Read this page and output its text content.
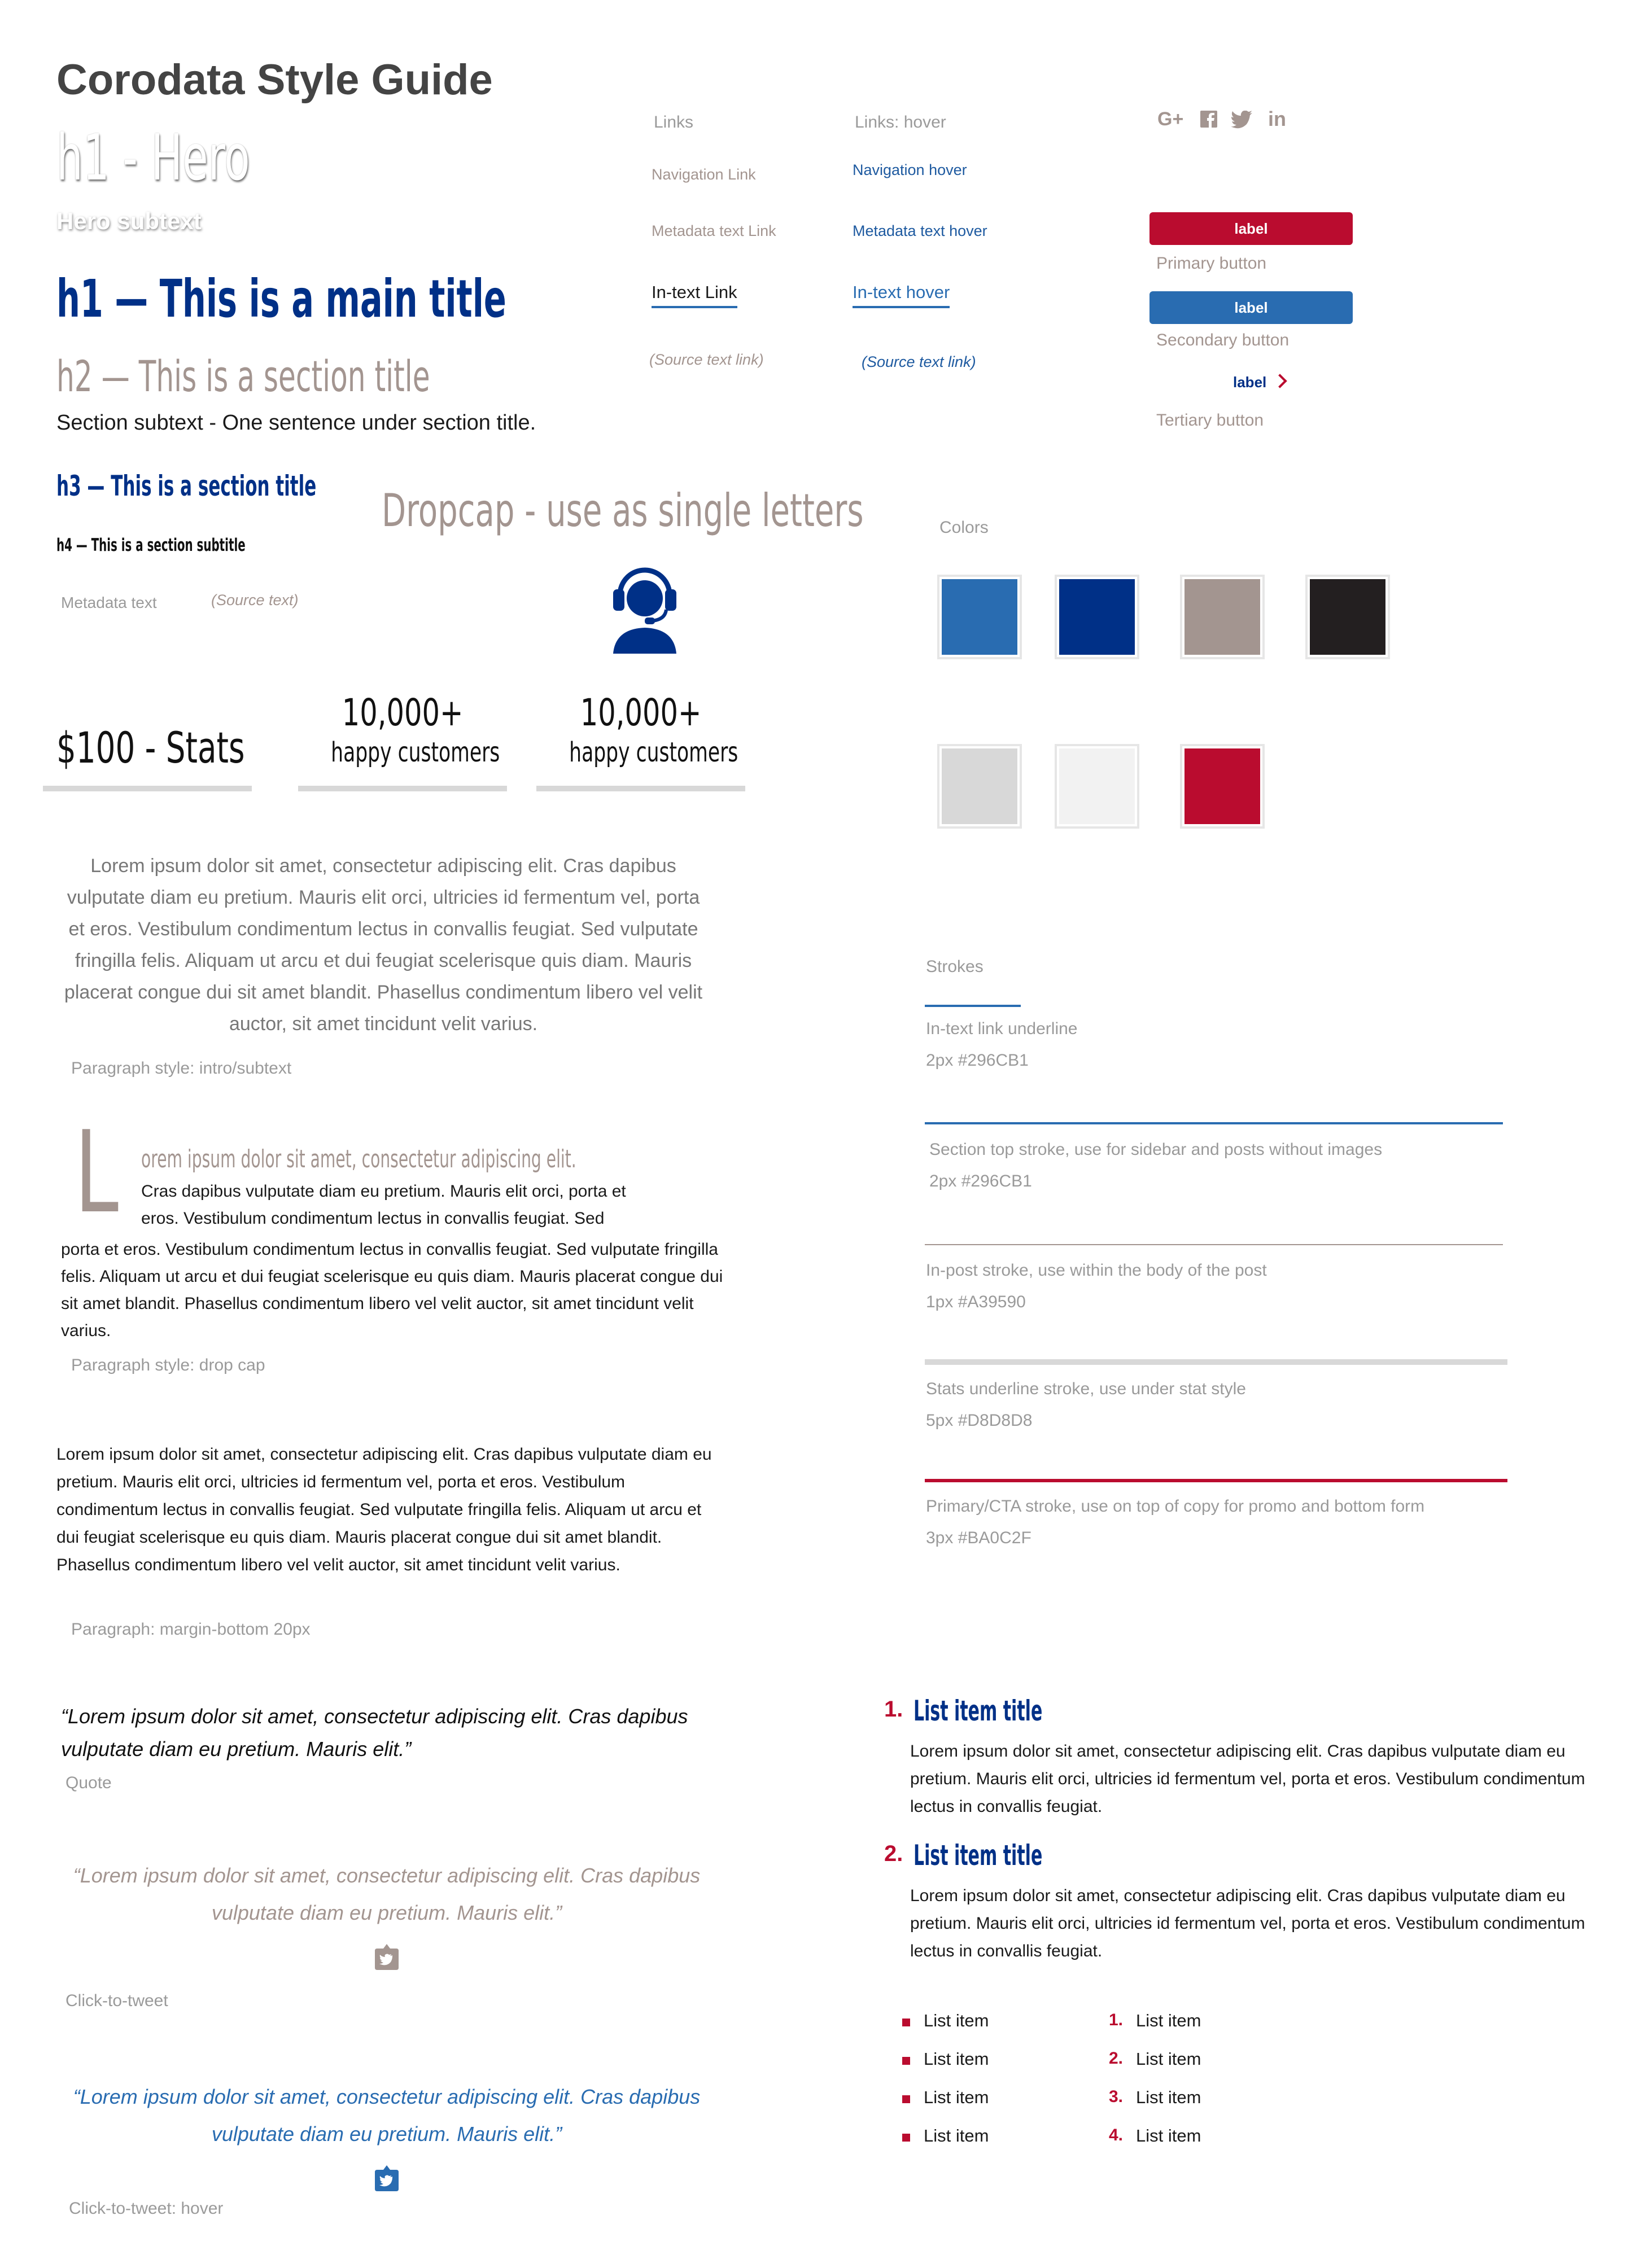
Corodata Style Guide
h1 - Hero
Hero subtext
h1 — This is a main title
h2 — This is a section title
Section subtext - One sentence under section title.
h3 — This is a section title
h4 — This is a section subtitle
Metadata text	(Source text)
Dropcap - use as single letters
$100 - Stats
10,000+ happy customers
10,000+ happy customers
Lorem ipsum dolor sit amet, consectetur adipiscing elit. Cras dapibus vulputate diam eu pretium. Mauris elit orci, ultricies id fermentum vel, porta et eros. Vestibulum condimentum lectus in convallis feugiat. Sed vulputate fringilla felis. Aliquam ut arcu et dui feugiat scelerisque quis diam. Mauris placerat congue dui sit amet blandit. Phasellus condimentum libero vel velit auctor, sit amet tincidunt velit varius.
Paragraph style: intro/subtext
L orem ipsum dolor sit amet, consectetur adipiscing elit.
Cras dapibus vulputate diam eu pretium. Mauris elit orci, porta et
eros. Vestibulum condimentum lectus in convallis feugiat. Sed
porta et eros. Vestibulum condimentum lectus in convallis feugiat. Sed vulputate fringilla felis. Aliquam ut arcu et dui feugiat scelerisque eu quis diam. Mauris placerat congue dui sit amet blandit. Phasellus condimentum libero vel velit auctor, sit amet tincidunt velit varius.
Paragraph style: drop cap
Lorem ipsum dolor sit amet, consectetur adipiscing elit. Cras dapibus vulputate diam eu pretium. Mauris elit orci, ultricies id fermentum vel, porta et eros. Vestibulum condimentum lectus in convallis feugiat. Sed vulputate fringilla felis. Aliquam ut arcu et dui feugiat scelerisque eu quis diam. Mauris placerat congue dui sit amet blandit. Phasellus condimentum libero vel velit auctor, sit amet tincidunt velit varius.
Paragraph: margin-bottom 20px
“Lorem ipsum dolor sit amet, consectetur adipiscing elit. Cras dapibus vulputate diam eu pretium. Mauris elit.”
Quote
“Lorem ipsum dolor sit amet, consectetur adipiscing elit. Cras dapibus vulputate diam eu pretium. Mauris elit.”
Click-to-tweet
“Lorem ipsum dolor sit amet, consectetur adipiscing elit. Cras dapibus vulputate diam eu pretium. Mauris elit.”
Click-to-tweet: hover
Links	Links: hover
Navigation Link	Navigation hover
Metadata text Link	Metadata text hover
In-text Link	In-text hover
(Source text link)	(Source text link)
G+	in
label
Primary button
label
Secondary button
label
Tertiary button
Colors
Strokes
In-text link underline
2px #296CB1
Section top stroke, use for sidebar and posts without images
2px #296CB1
In-post stroke, use within the body of the post
1px #A39590
Stats underline stroke, use under stat style
5px #D8D8D8
Primary/CTA stroke, use on top of copy for promo and bottom form
3px #BA0C2F
1. List item title
Lorem ipsum dolor sit amet, consectetur adipiscing elit. Cras dapibus vulputate diam eu pretium. Mauris elit orci, ultricies id fermentum vel, porta et eros. Vestibulum condimentum lectus in convallis feugiat.
2. List item title
Lorem ipsum dolor sit amet, consectetur adipiscing elit. Cras dapibus vulputate diam eu pretium. Mauris elit orci, ultricies id fermentum vel, porta et eros. Vestibulum condimentum lectus in convallis feugiat.
List item
List item
List item
List item
1. List item
2. List item
3. List item
4. List item
